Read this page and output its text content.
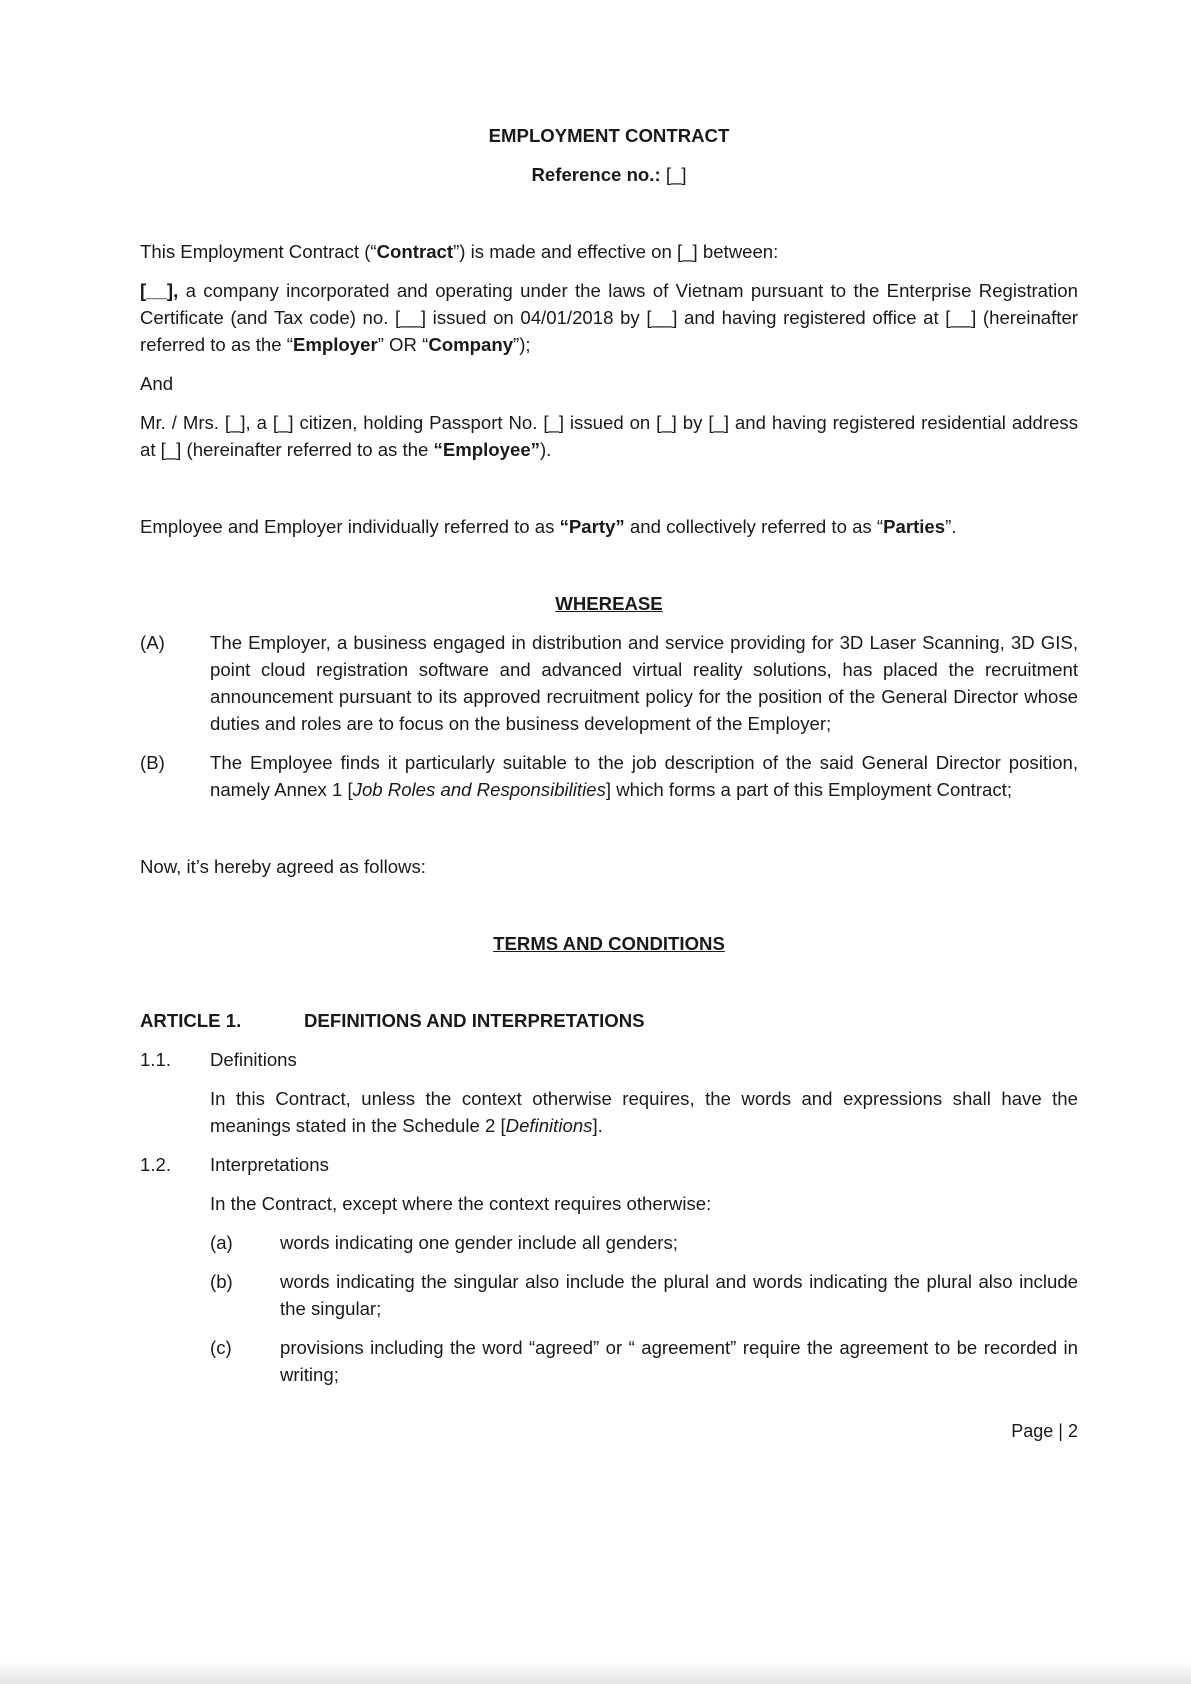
EMPLOYMENT CONTRACT

Reference no.: [_]

This Employment Contract (“Contract”) is made and effective on [_] between:

[__], a company incorporated and operating under the laws of Vietnam pursuant to the Enterprise Registration Certificate (and Tax code) no. [__] issued on 04/01/2018 by [__] and having registered office at [__] (hereinafter referred to as the “Employer” OR “Company”);

And

Mr. / Mrs. [_], a [_] citizen, holding Passport No. [_] issued on [_] by [_] and having registered residential address at [_] (hereinafter referred to as the “Employee”).

Employee and Employer individually referred to as “Party” and collectively referred to as “Parties”.

WHEREASE

(A)	The Employer, a business engaged in distribution and service providing for 3D Laser Scanning, 3D GIS, point cloud registration software and advanced virtual reality solutions, has placed the recruitment announcement pursuant to its approved recruitment policy for the position of the General Director whose duties and roles are to focus on the business development of the Employer;
(B)	The Employee finds it particularly suitable to the job description of the said General Director position, namely Annex 1 [Job Roles and Responsibilities] which forms a part of this Employment Contract;

Now, it’s hereby agreed as follows:

TERMS AND CONDITIONS

ARTICLE 1.	DEFINITIONS AND INTERPRETATIONS
1.1.	Definitions

In this Contract, unless the context otherwise requires, the words and expressions shall have the meanings stated in the Schedule 2 [Definitions].

1.2.	Interpretations

In the Contract, except where the context requires otherwise:

(a)	words indicating one gender include all genders;
(b)	words indicating the singular also include the plural and words indicating the plural also include the singular;
(c)	provisions including the word “agreed” or “ agreement” require the agreement to be recorded in writing;
Page | 2
